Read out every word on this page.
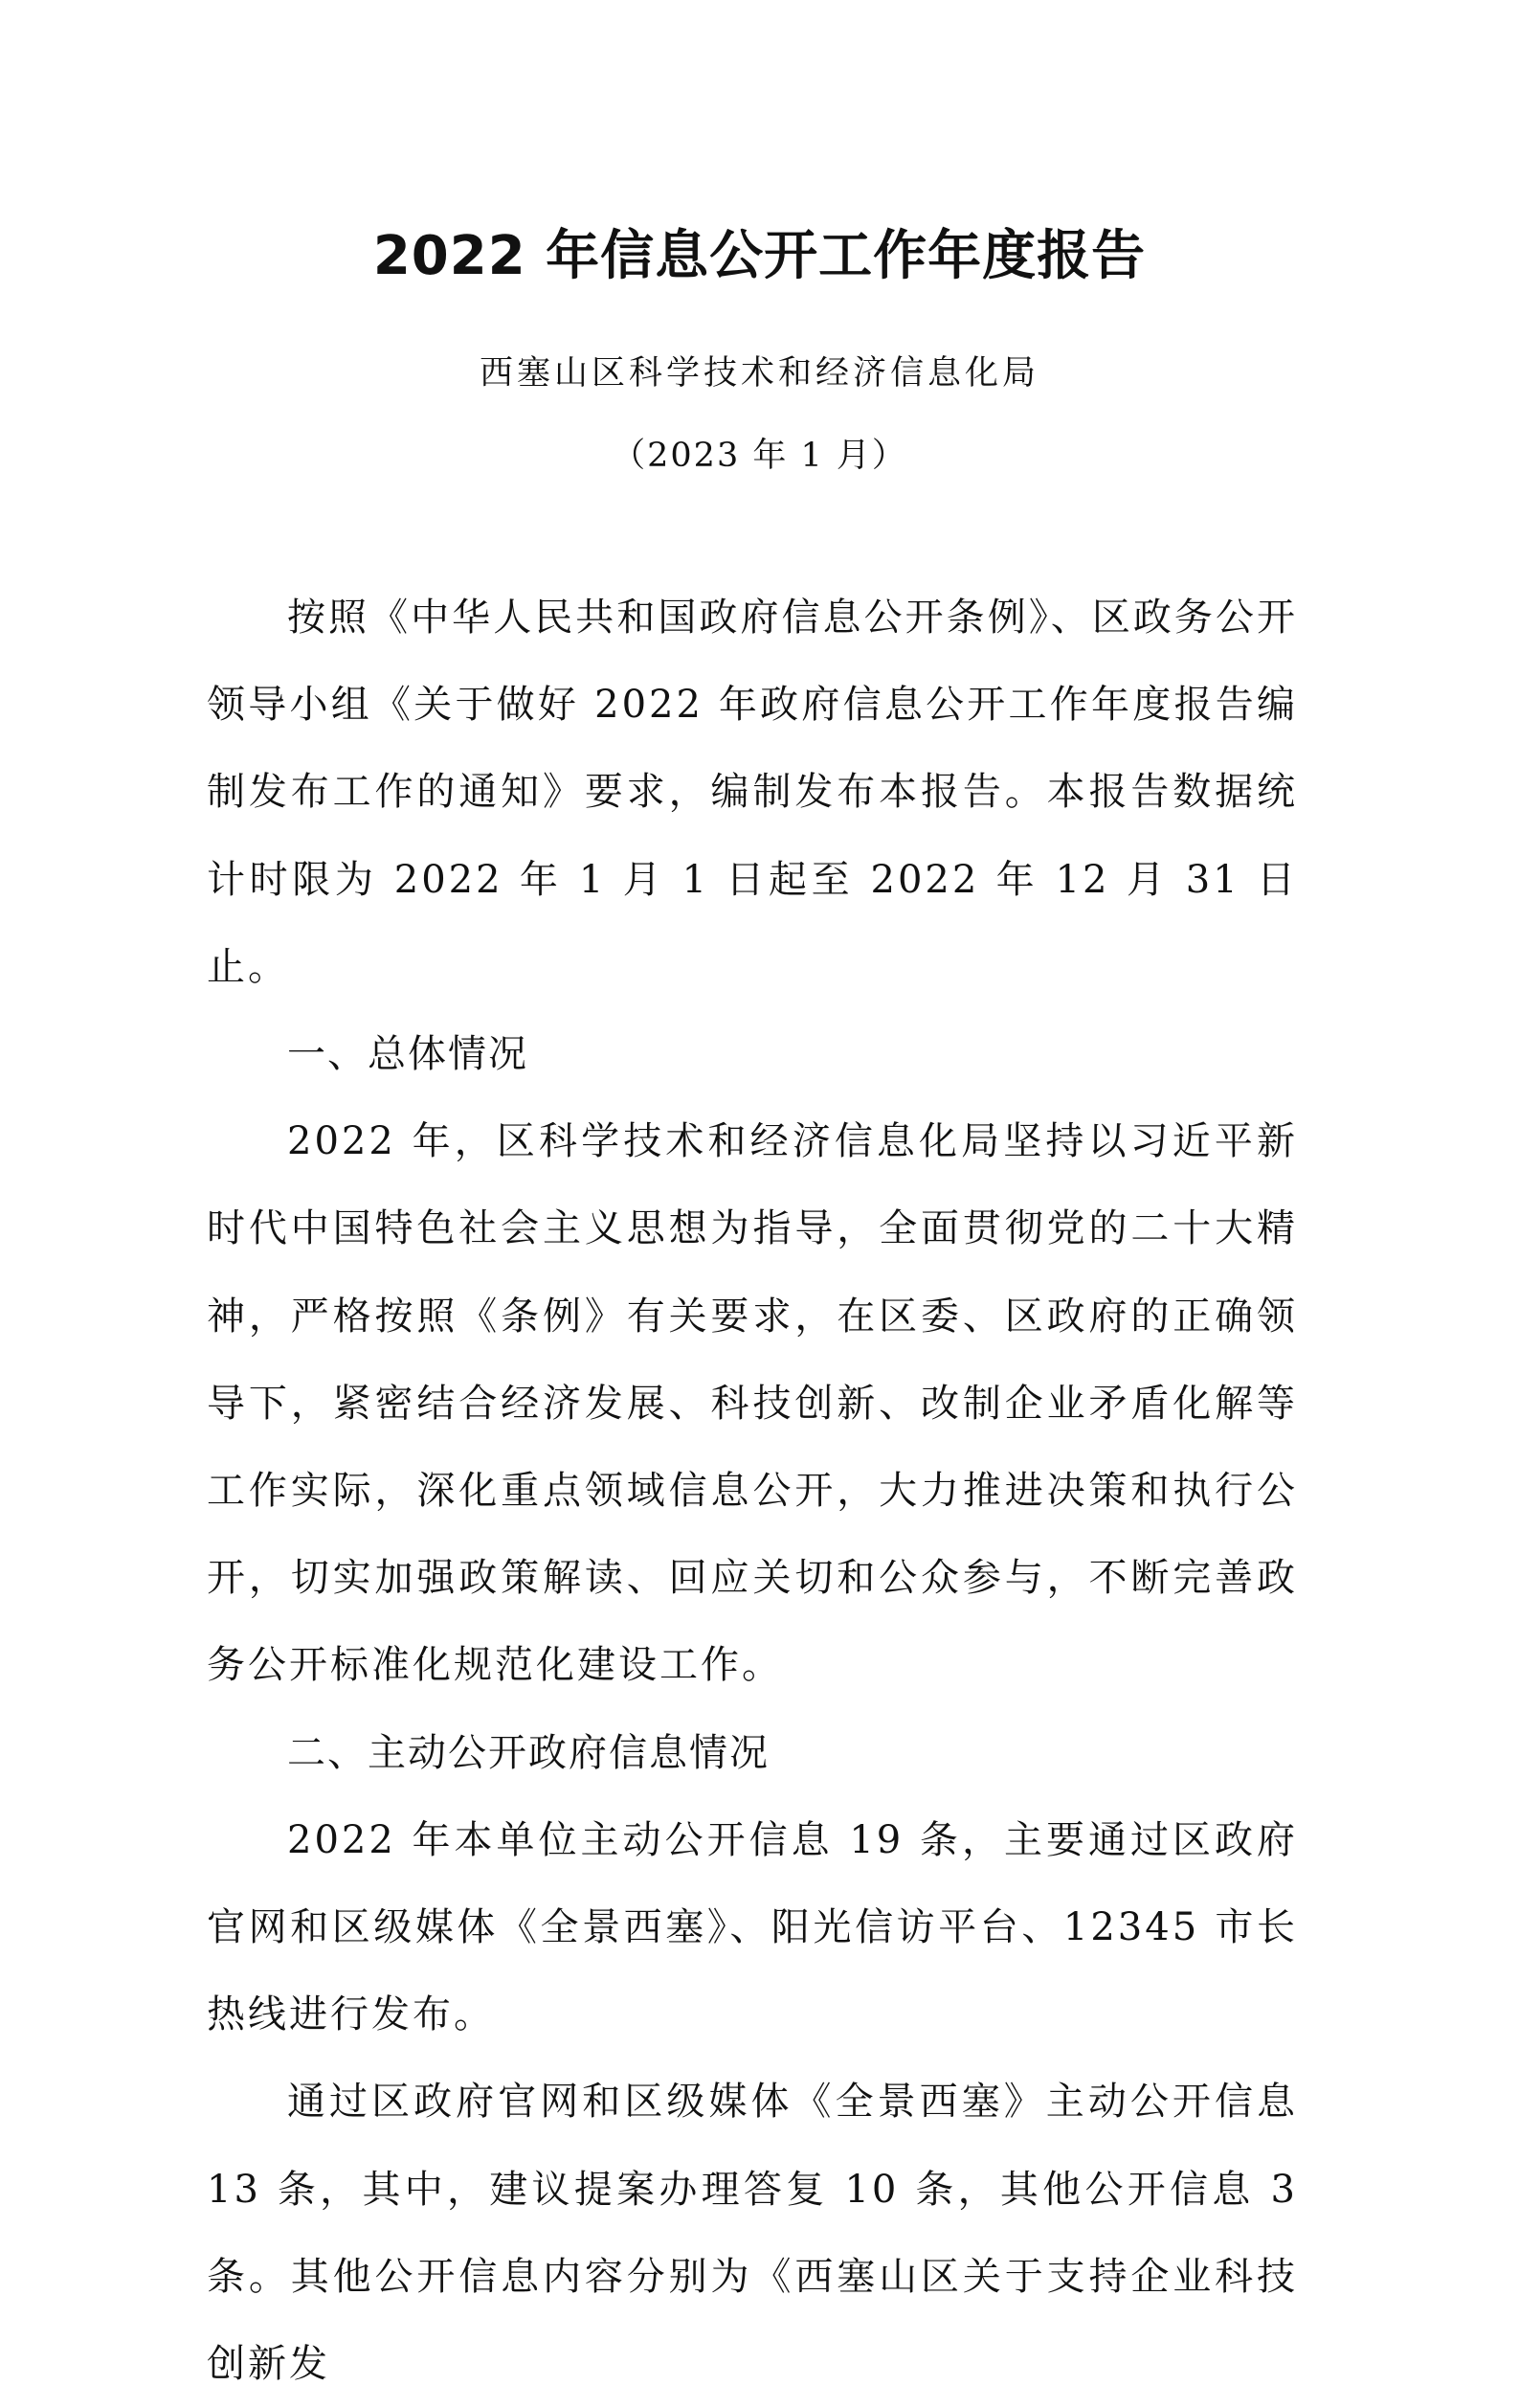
2022 年信息公开工作年度报告

西塞山区科学技术和经济信息化局

（2023 年 1 月）

按照《中华人民共和国政府信息公开条例》、区政务公开领导小组《关于做好 2022 年政府信息公开工作年度报告编制发布工作的通知》要求，编制发布本报告。本报告数据统计时限为 2022 年 1 月 1 日起至 2022 年 12 月 31 日止。

一、总体情况

2022 年，区科学技术和经济信息化局坚持以习近平新时代中国特色社会主义思想为指导，全面贯彻党的二十大精神，严格按照《条例》有关要求，在区委、区政府的正确领导下，紧密结合经济发展、科技创新、改制企业矛盾化解等工作实际，深化重点领域信息公开，大力推进决策和执行公开，切实加强政策解读、回应关切和公众参与，不断完善政务公开标准化规范化建设工作。

二、主动公开政府信息情况

2022 年本单位主动公开信息 19 条，主要通过区政府官网和区级媒体《全景西塞》、阳光信访平台、12345 市长热线进行发布。

通过区政府官网和区级媒体《全景西塞》主动公开信息 13 条，其中，建议提案办理答复 10 条，其他公开信息 3 条。其他公开信息内容分别为《西塞山区关于支持企业科技创新发
